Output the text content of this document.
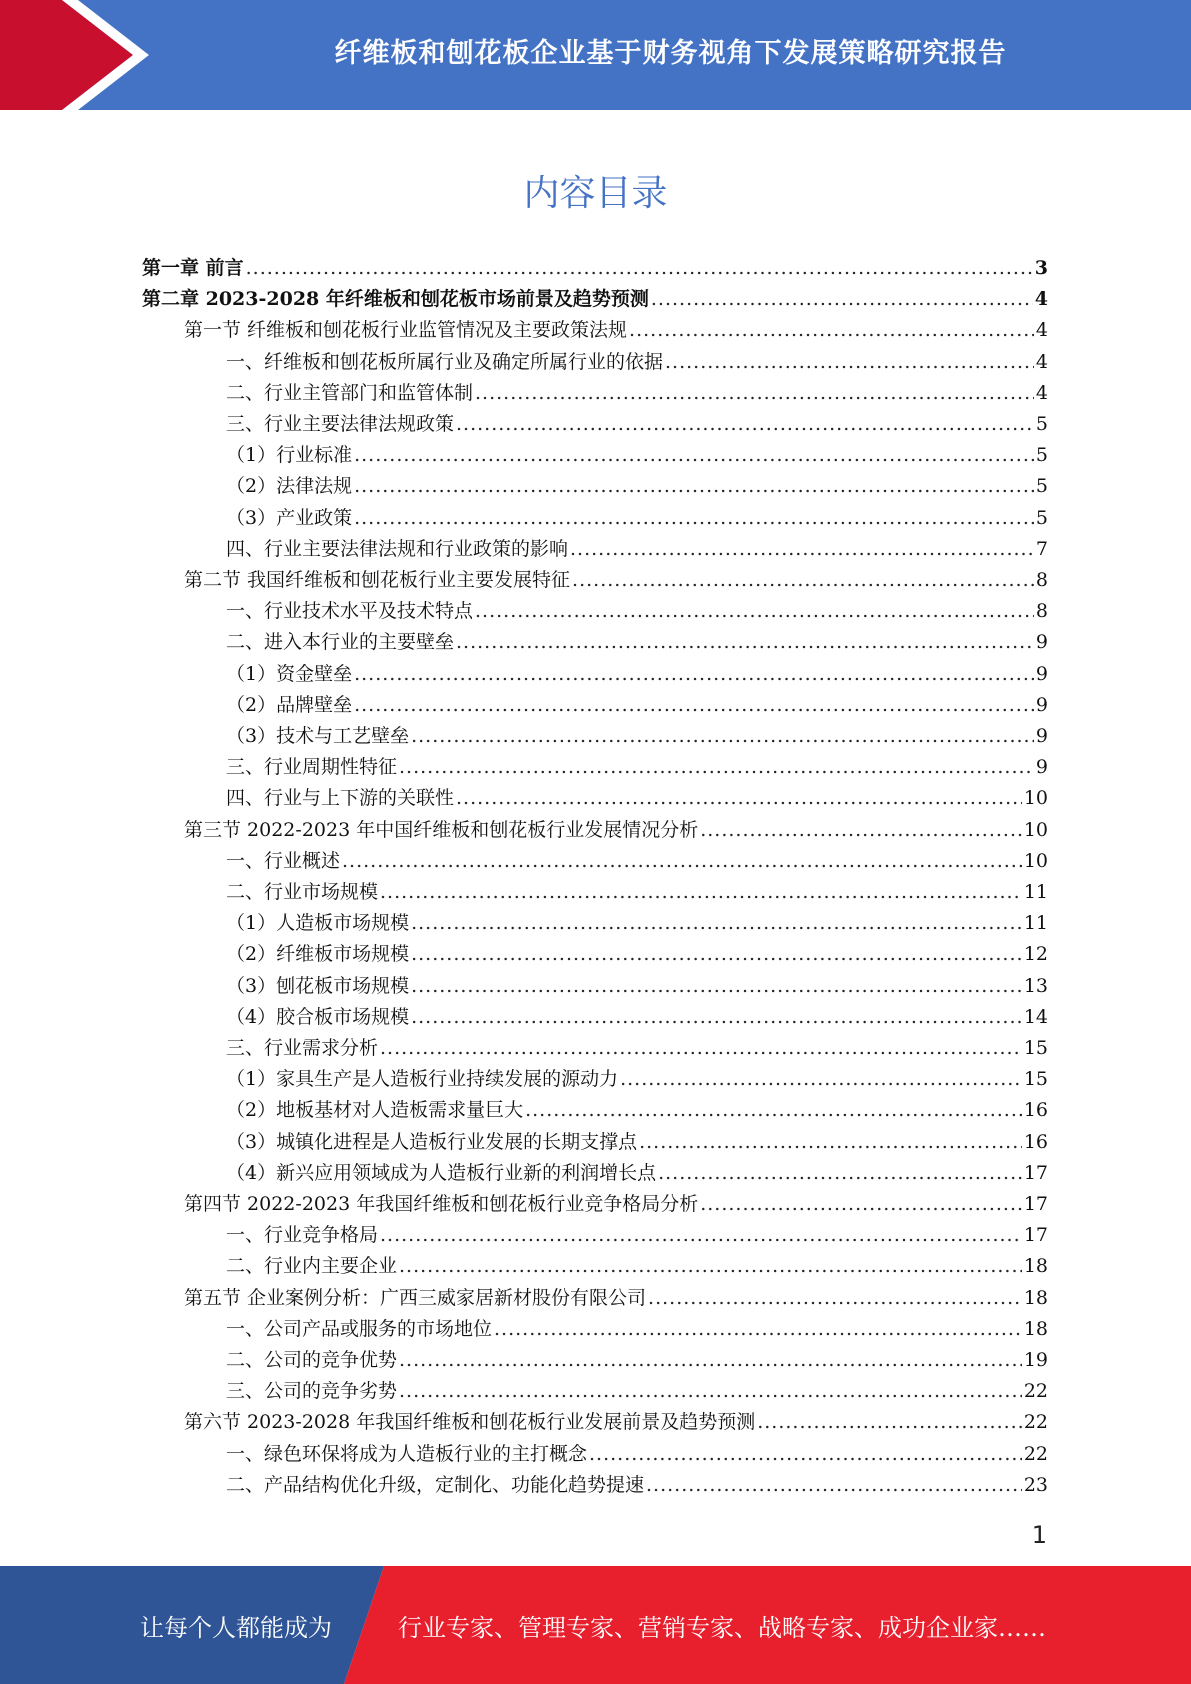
纤维板和刨花板企业基于财务视角下发展策略研究报告
内容目录
第一章 前言 .....	3
第二章 2023-2028 年纤维板和刨花板市场前景及趋势预测 .....	4
第一节 纤维板和刨花板行业监管情况及主要政策法规 .....	4
一、纤维板和刨花板所属行业及确定所属行业的依据 .....	4
二、行业主管部门和监管体制 .....	4
三、行业主要法律法规政策 .....	5
（1）行业标准 .....	5
（2）法律法规 .....	5
（3）产业政策 .....	5
四、行业主要法律法规和行业政策的影响 .....	7
第二节 我国纤维板和刨花板行业主要发展特征 .....	8
一、行业技术水平及技术特点 .....	8
二、进入本行业的主要壁垒 .....	9
（1）资金壁垒 .....	9
（2）品牌壁垒 .....	9
（3）技术与工艺壁垒 .....	9
三、行业周期性特征 .....	9
四、行业与上下游的关联性 .....	10
第三节 2022-2023 年中国纤维板和刨花板行业发展情况分析 .....	10
一、行业概述 .....	10
二、行业市场规模 .....	11
（1）人造板市场规模 .....	11
（2）纤维板市场规模 .....	12
（3）刨花板市场规模 .....	13
（4）胶合板市场规模 .....	14
三、行业需求分析 .....	15
（1）家具生产是人造板行业持续发展的源动力 .....	15
（2）地板基材对人造板需求量巨大 .....	16
（3）城镇化进程是人造板行业发展的长期支撑点 .....	16
（4）新兴应用领域成为人造板行业新的利润增长点 .....	17
第四节 2022-2023 年我国纤维板和刨花板行业竞争格局分析 .....	17
一、行业竞争格局 .....	17
二、行业内主要企业 .....	18
第五节 企业案例分析：广西三威家居新材股份有限公司 .....	18
一、公司产品或服务的市场地位 .....	18
二、公司的竞争优势 .....	19
三、公司的竞争劣势 .....	22
第六节 2023-2028 年我国纤维板和刨花板行业发展前景及趋势预测 .....	22
一、绿色环保将成为人造板行业的主打概念 .....	22
二、产品结构优化升级，定制化、功能化趋势提速 .....	23
1
让每个人都能成为	行业专家、管理专家、营销专家、战略专家、成功企业家……
